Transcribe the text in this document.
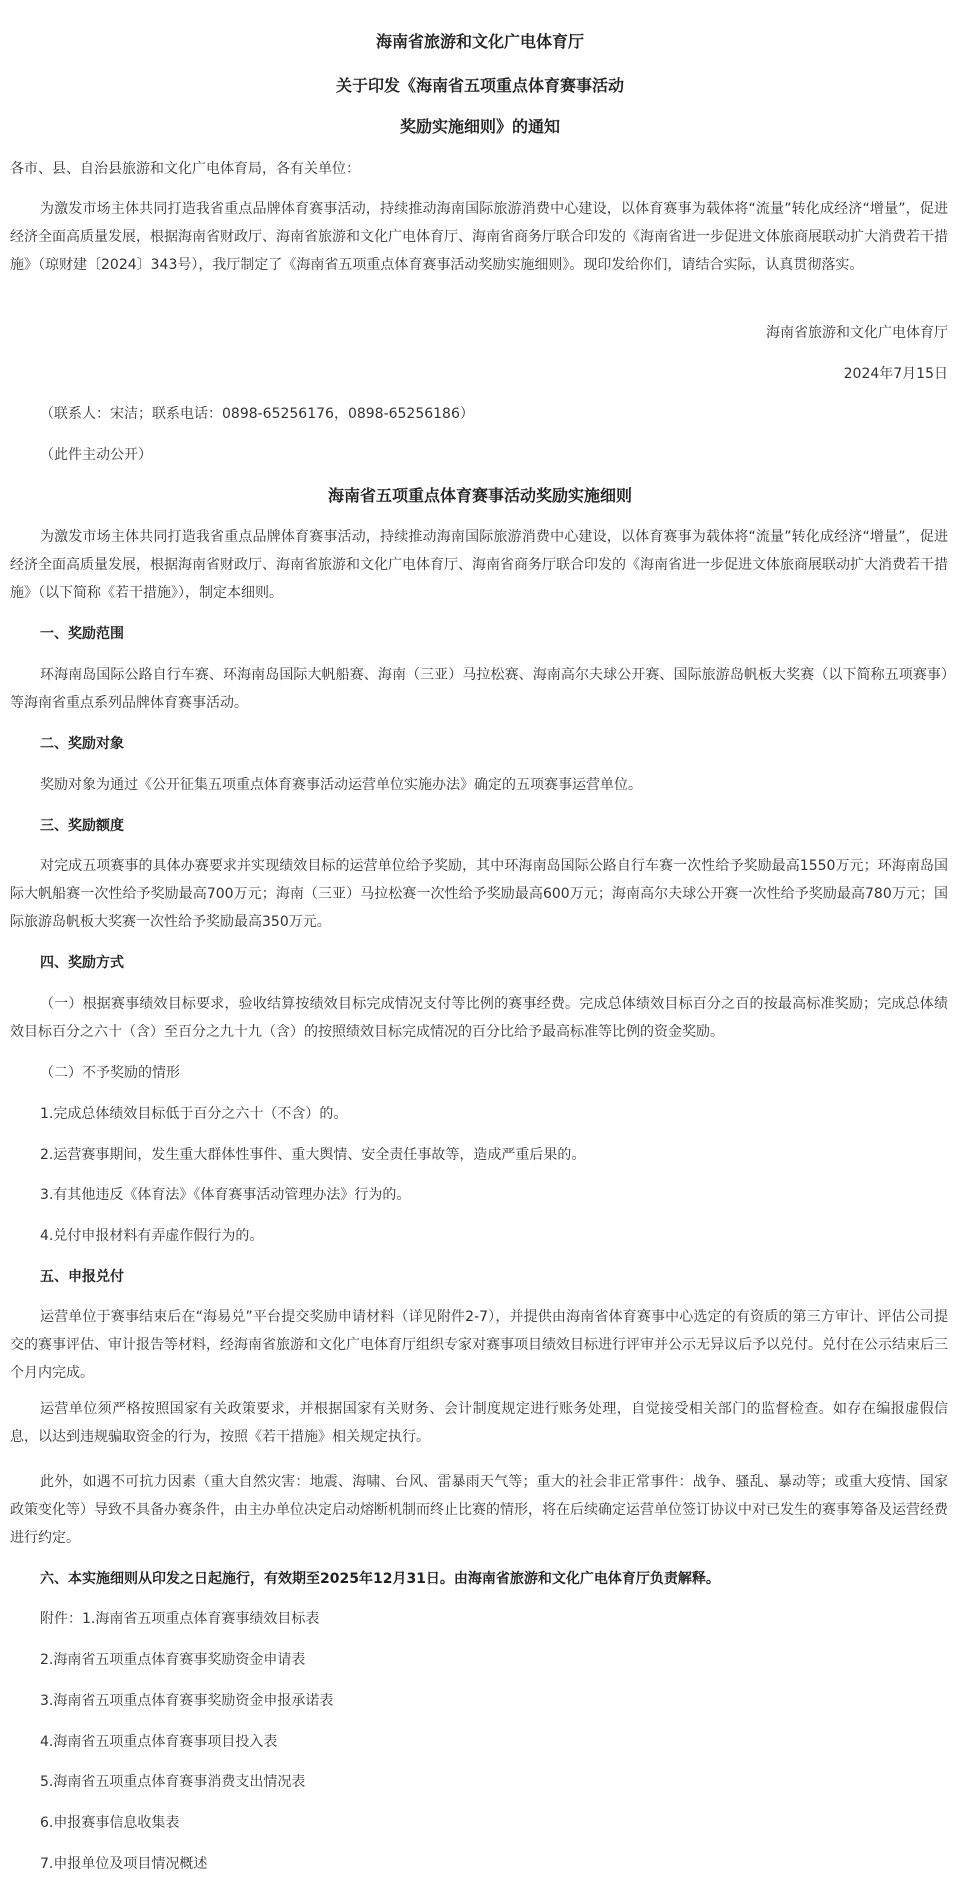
海南省旅游和文化广电体育厅
关于印发《海南省五项重点体育赛事活动
奖励实施细则》的通知

各市、县、自治县旅游和文化广电体育局，各有关单位：

为激发市场主体共同打造我省重点品牌体育赛事活动，持续推动海南国际旅游消费中心建设，以体育赛事为载体将“流量”转化成经济“增量”，促进经济全面高质量发展，根据海南省财政厅、海南省旅游和文化广电体育厅、海南省商务厅联合印发的《海南省进一步促进文体旅商展联动扩大消费若干措施》（琼财建〔2024〕343号），我厅制定了《海南省五项重点体育赛事活动奖励实施细则》。现印发给你们，请结合实际，认真贯彻落实。

海南省旅游和文化广电体育厅

2024年7月15日

（联系人：宋洁；联系电话：0898-65256176，0898-65256186）

（此件主动公开）

海南省五项重点体育赛事活动奖励实施细则

为激发市场主体共同打造我省重点品牌体育赛事活动，持续推动海南国际旅游消费中心建设，以体育赛事为载体将“流量”转化成经济“增量”，促进经济全面高质量发展，根据海南省财政厅、海南省旅游和文化广电体育厅、海南省商务厅联合印发的《海南省进一步促进文体旅商展联动扩大消费若干措施》（以下简称《若干措施》），制定本细则。

一、奖励范围

环海南岛国际公路自行车赛、环海南岛国际大帆船赛、海南（三亚）马拉松赛、海南高尔夫球公开赛、国际旅游岛帆板大奖赛（以下简称五项赛事）等海南省重点系列品牌体育赛事活动。

二、奖励对象

奖励对象为通过《公开征集五项重点体育赛事活动运营单位实施办法》确定的五项赛事运营单位。

三、奖励额度

对完成五项赛事的具体办赛要求并实现绩效目标的运营单位给予奖励，其中环海南岛国际公路自行车赛一次性给予奖励最高1550万元；环海南岛国际大帆船赛一次性给予奖励最高700万元；海南（三亚）马拉松赛一次性给予奖励最高600万元；海南高尔夫球公开赛一次性给予奖励最高780万元；国际旅游岛帆板大奖赛一次性给予奖励最高350万元。

四、奖励方式

（一）根据赛事绩效目标要求，验收结算按绩效目标完成情况支付等比例的赛事经费。完成总体绩效目标百分之百的按最高标准奖励；完成总体绩效目标百分之六十（含）至百分之九十九（含）的按照绩效目标完成情况的百分比给予最高标准等比例的资金奖励。

（二）不予奖励的情形

1.完成总体绩效目标低于百分之六十（不含）的。

2.运营赛事期间，发生重大群体性事件、重大舆情、安全责任事故等，造成严重后果的。

3.有其他违反《体育法》《体育赛事活动管理办法》行为的。

4.兑付申报材料有弄虚作假行为的。

五、申报兑付

运营单位于赛事结束后在“海易兑”平台提交奖励申请材料（详见附件2-7），并提供由海南省体育赛事中心选定的有资质的第三方审计、评估公司提交的赛事评估、审计报告等材料，经海南省旅游和文化广电体育厅组织专家对赛事项目绩效目标进行评审并公示无异议后予以兑付。兑付在公示结束后三个月内完成。

运营单位须严格按照国家有关政策要求，并根据国家有关财务、会计制度规定进行账务处理，自觉接受相关部门的监督检查。如存在编报虚假信息，以达到违规骗取资金的行为，按照《若干措施》相关规定执行。

此外，如遇不可抗力因素（重大自然灾害：地震、海啸、台风、雷暴雨天气等；重大的社会非正常事件：战争、骚乱、暴动等；或重大疫情、国家政策变化等）导致不具备办赛条件，由主办单位决定启动熔断机制而终止比赛的情形，将在后续确定运营单位签订协议中对已发生的赛事筹备及运营经费进行约定。

六、本实施细则从印发之日起施行，有效期至2025年12月31日。由海南省旅游和文化广电体育厅负责解释。

附件：1.海南省五项重点体育赛事绩效目标表

2.海南省五项重点体育赛事奖励资金申请表

3.海南省五项重点体育赛事奖励资金申报承诺表

4.海南省五项重点体育赛事项目投入表

5.海南省五项重点体育赛事消费支出情况表

6.申报赛事信息收集表

7.申报单位及项目情况概述
